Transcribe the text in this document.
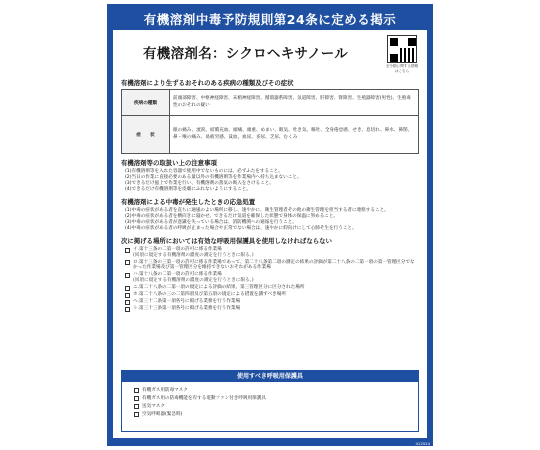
有機溶剤中毒予防規則第24条に定める掲示
有機溶剤名：シクロヘキサノール
全令類に関する情報はこちら
有機溶剤により生ずるおそれのある疾病の種類及びその症状
疾病の種類	前頭部障害、中枢神経障害、末梢神経障害、循環器系障害、気道障害、肝障害、腎障害、生殖器障害(男性)、生殖毒性のおそれの疑い
症　　状	眼の痛み、流涙、結膜充血、頭痛、頭重、めまい、眠気、吐き気、嘔吐、全身倦怠感、せき、息切れ、鼻水、鼻閉、鼻・喉の痛み、易疲労感、貧血、血尿、多尿、乏尿、むくみ
有機溶剤等の取扱い上の注意事項
(1)有機溶剤等を入れた容器で使用中でないものには、必ずふたをすること。
(2)当日の作業に直接必要のある量以外の有機溶剤等を作業場内へ持ち込まないこと。
(3)できるだけ風上で作業を行い、有機溶剤の蒸気の吸入をさけること。
(4)できるだけ有機溶剤等を皮膚にふれないようにすること。
有機溶剤による中毒が発生したときの応急処置
(1)中毒の症状がある者を直ちに通風のよい場所に移し、速やかに、衛生管理者その他の衛生管理を担当する者に連絡すること。
(2)中毒の症状がある者を横向きに寝かせ、できるだけ気道を確保した状態で身体の保温に努めること。
(3)中毒の症状がある者が意識を失っている場合は、消防機関への通報を行うこと。
(4)中毒の症状がある者の呼吸が止まった場合や正常でない場合は、速やかに仰向けにして心肺そ生を行うこと。
次に掲げる場所においては有効な呼吸用保護具を使用しなければならない
イ.第十三条の二第一項の許可に係る作業場
(同項に規定する有機溶剤の濃度の測定を行うときに限る。)
ロ.第十三条の三第一項の許可に係る作業場であって、第二十八条第二項の測定の結果の評価が第二十八条の二第一項の第一管理区分でなかった作業場及び第一管理区分を維持できないおそれがある作業場
ハ.第十八条の二第一項の許可に係る作業場
(同項に規定する有機溶剤の濃度の測定を行うときに限る。)
ニ.第二十八条の二第一項の規定による評価の結果、第三管理区分に区分された場所
ホ.第二十八条の三の二第四項及び第五項の規定による措置を講ずべき場所
ヘ.第三十二条第一項各号に掲げる業務を行う作業場
ト.第三十三条第一項各号に掲げる業務を行う作業場
使用すべき呼吸用保護具
有機ガス用防毒マスク
有機ガス用の防毒機能を有する電動ファン付き呼吸用保護具
送気マスク
空気呼吸器(緊急時)
412524
